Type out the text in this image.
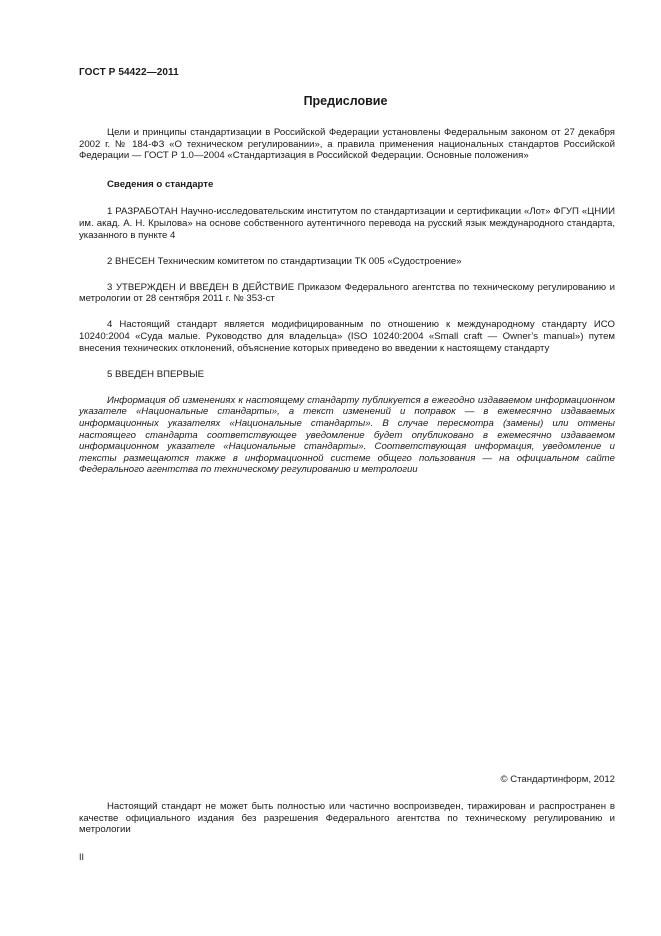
ГОСТ Р 54422—2011
Предисловие

Цели и принципы стандартизации в Российской Федерации установлены Федеральным законом от 27 декабря 2002 г. № 184-ФЗ «О техническом регулировании», а правила применения национальных стандартов Российской Федерации — ГОСТ Р 1.0—2004 «Стандартизация в Российской Федерации. Основные положения»

Сведения о стандарте

1 РАЗРАБОТАН Научно-исследовательским институтом по стандартизации и сертификации «Лот» ФГУП «ЦНИИ им. акад. А. Н. Крылова» на основе собственного аутентичного перевода на русский язык международного стандарта, указанного в пункте 4

2 ВНЕСЕН Техническим комитетом по стандартизации ТК 005 «Судостроение»

3 УТВЕРЖДЕН И ВВЕДЕН В ДЕЙСТВИЕ Приказом Федерального агентства по техническому регулированию и метрологии от 28 сентября 2011 г. № 353-ст

4 Настоящий стандарт является модифицированным по отношению к международному стандарту ИСО 10240:2004 «Суда малые. Руководство для владельца» (ISO 10240:2004 «Small craft — Owner’s manual») путем внесения технических отклонений, объяснение которых приведено во введении к настоящему стандарту

5 ВВЕДЕН ВПЕРВЫЕ

Информация об изменениях к настоящему стандарту публикуется в ежегодно издаваемом информационном указателе «Национальные стандарты», а текст изменений и поправок — в ежемесячно издаваемых информационных указателях «Национальные стандарты». В случае пересмотра (замены) или отмены настоящего стандарта соответствующее уведомление будет опубликовано в ежемесячно издаваемом информационном указателе «Национальные стандарты». Соответствующая информация, уведомление и тексты размещаются также в информационной системе общего пользования — на официальном сайте Федерального агентства по техническому регулированию и метрологии

© Стандартинформ, 2012
Настоящий стандарт не может быть полностью или частично воспроизведен, тиражирован и распространен в качестве официального издания без разрешения Федерального агентства по техническому регулированию и метрологии
II
